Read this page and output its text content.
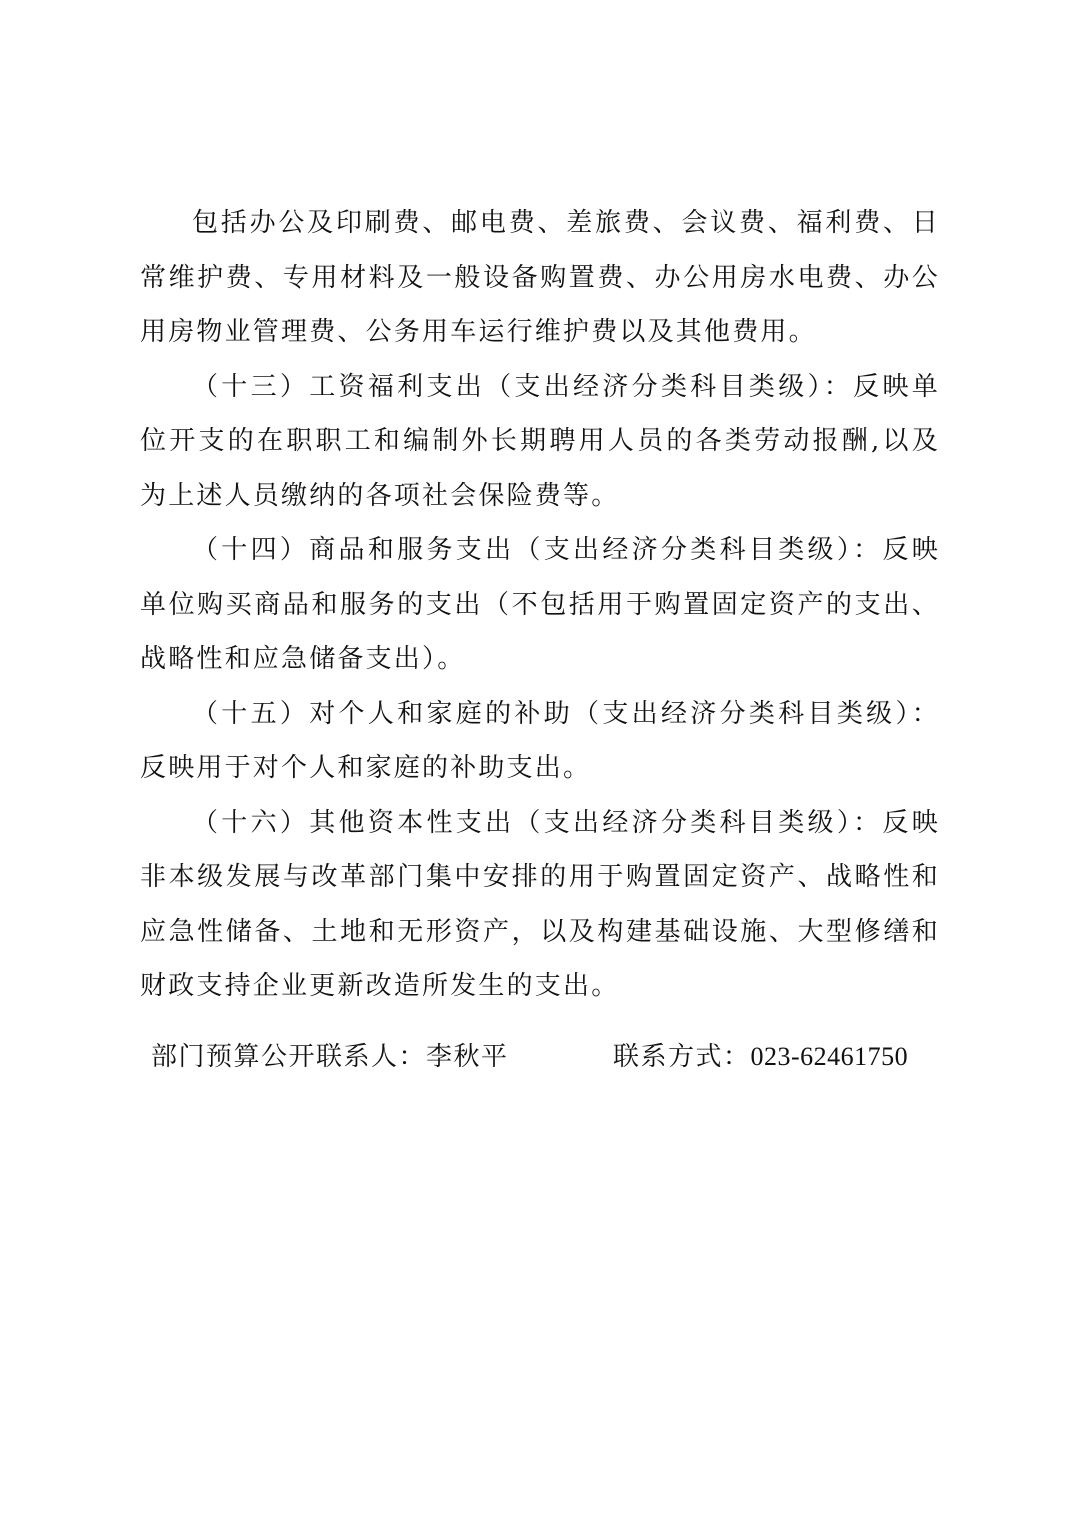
包括办公及印刷费、邮电费、差旅费、会议费、福利费、日常维护费、专用材料及一般设备购置费、办公用房水电费、办公用房物业管理费、公务用车运行维护费以及其他费用。

（十三）工资福利支出（支出经济分类科目类级）：反映单位开支的在职职工和编制外长期聘用人员的各类劳动报酬,以及为上述人员缴纳的各项社会保险费等。

（十四）商品和服务支出（支出经济分类科目类级）：反映单位购买商品和服务的支出（不包括用于购置固定资产的支出、战略性和应急储备支出）。

（十五）对个人和家庭的补助（支出经济分类科目类级）：反映用于对个人和家庭的补助支出。

（十六）其他资本性支出（支出经济分类科目类级）：反映非本级发展与改革部门集中安排的用于购置固定资产、战略性和应急性储备、土地和无形资产，以及构建基础设施、大型修缮和财政支持企业更新改造所发生的支出。

部门预算公开联系人：李秋平	联系方式：023-62461750
